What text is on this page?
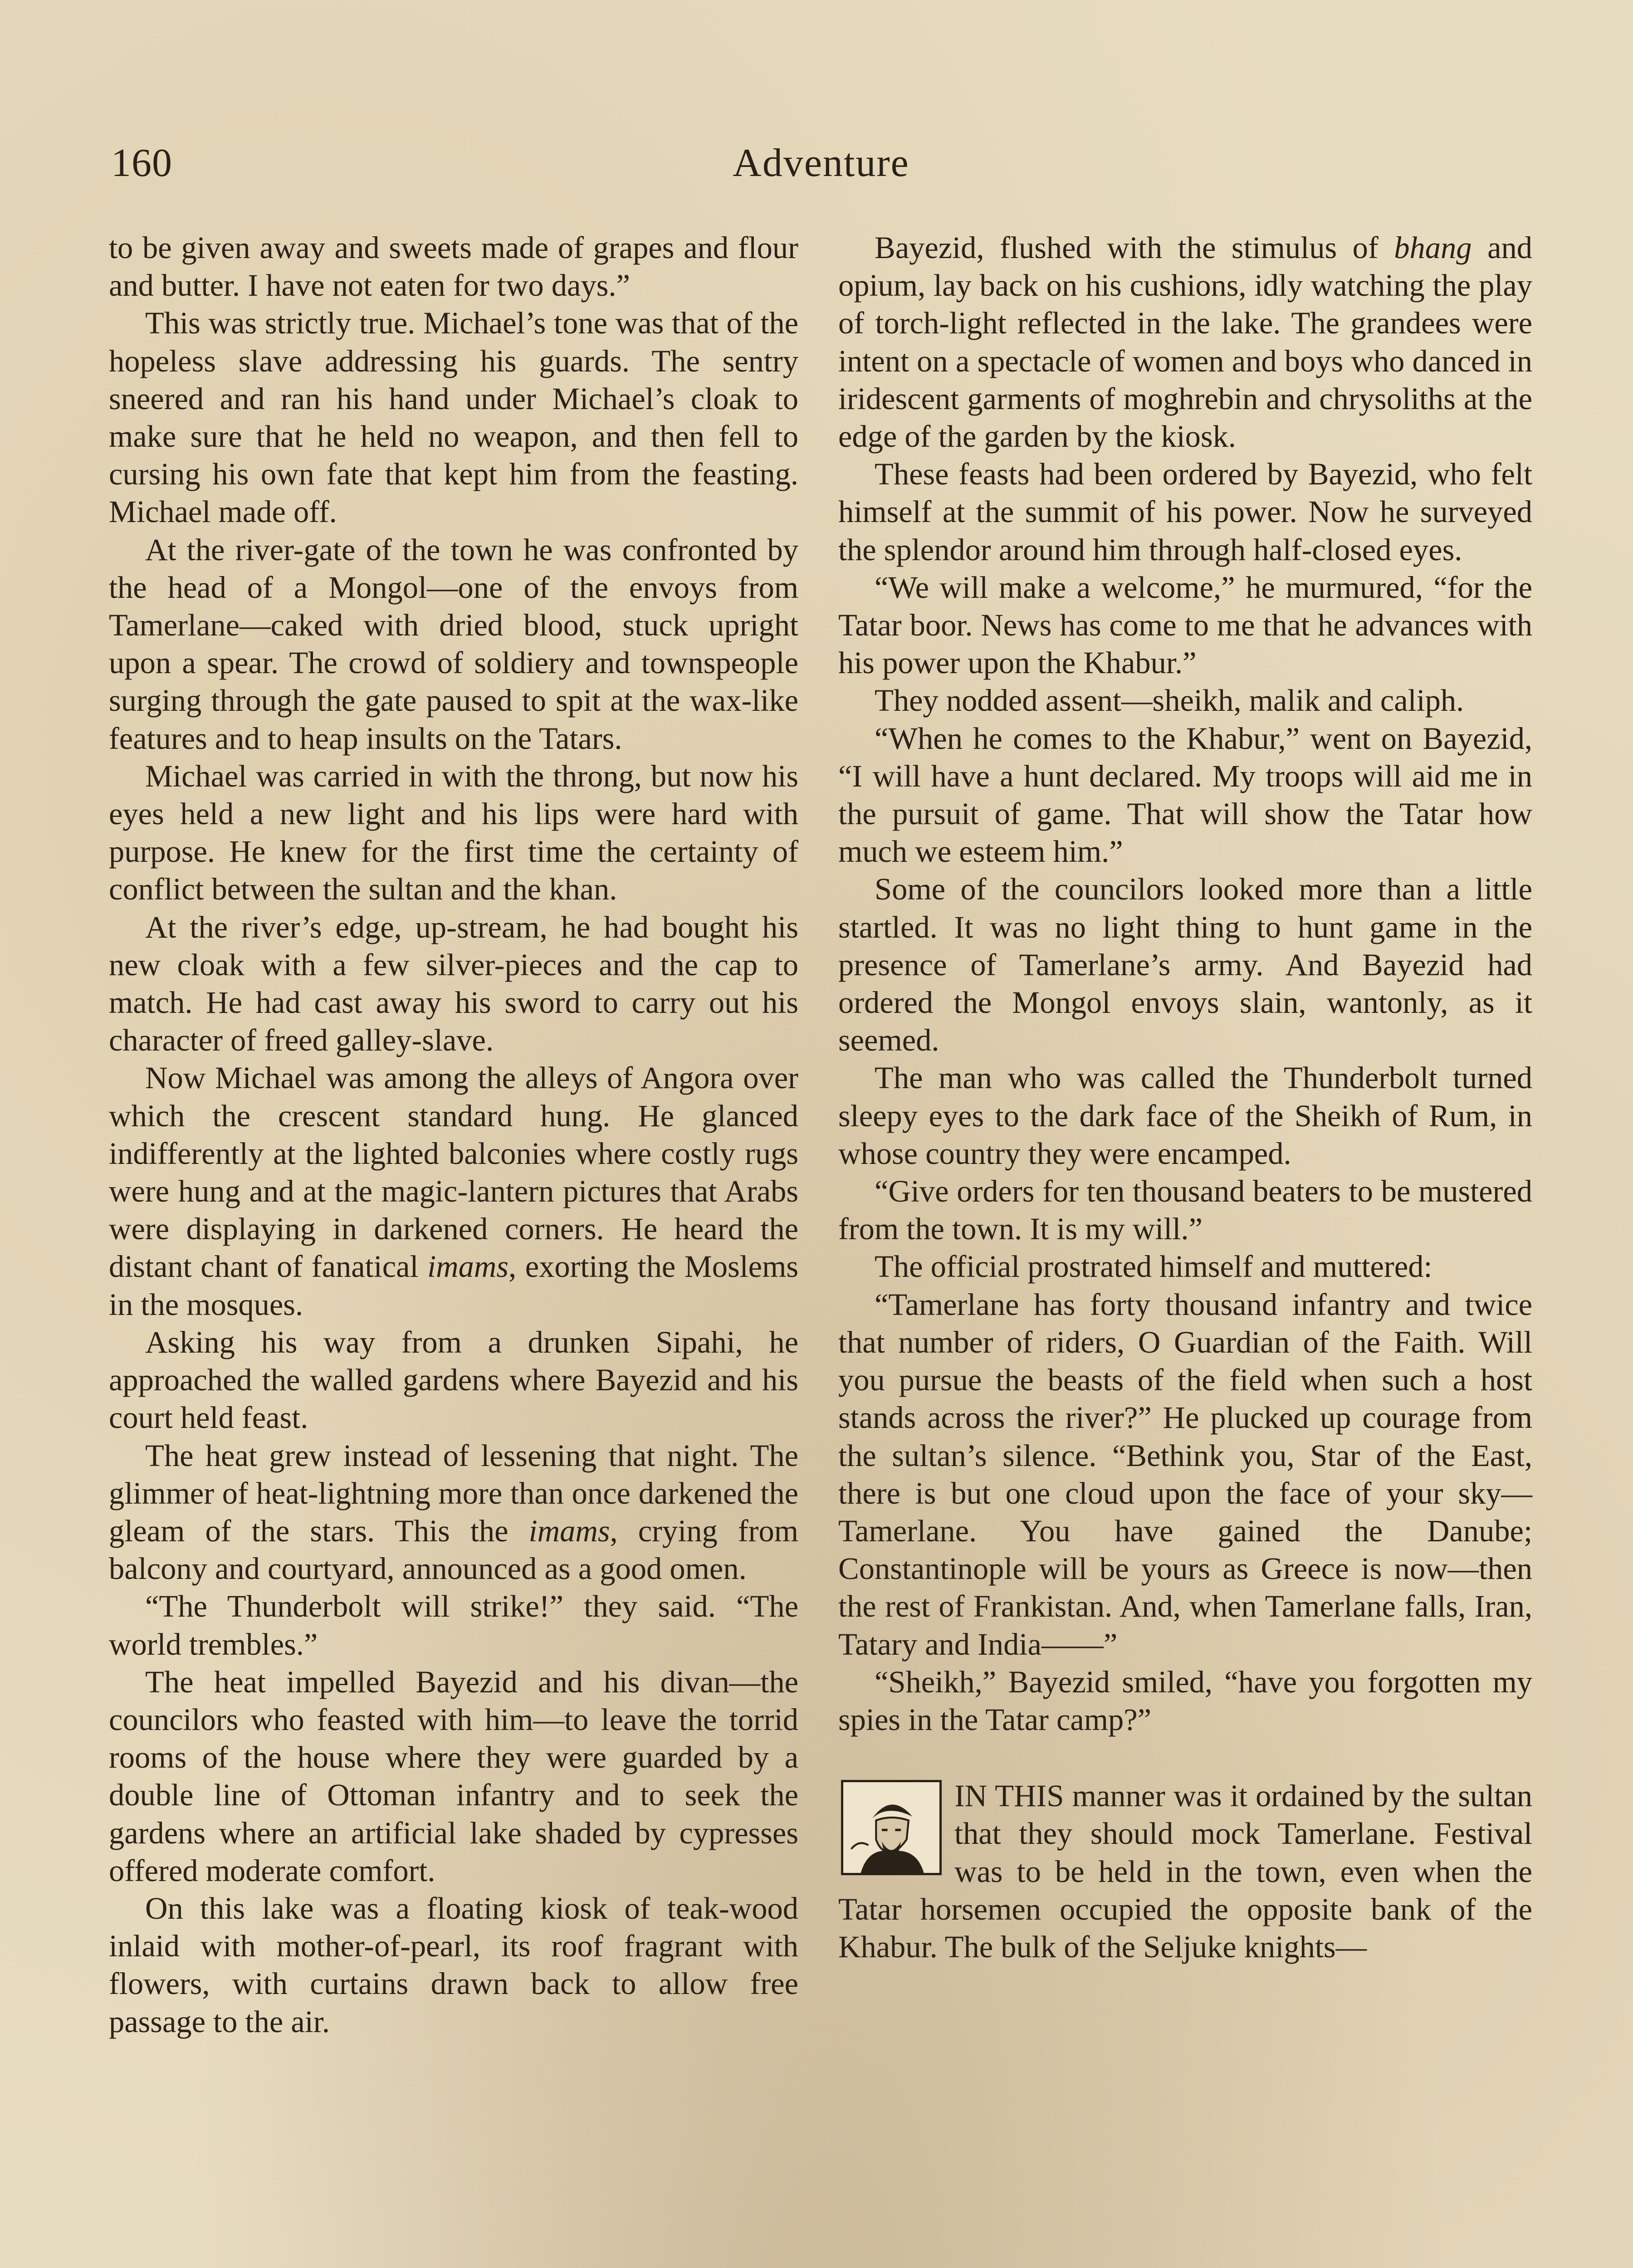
160	Adventure

to be given away and sweets made of grapes and flour and butter. I have not eaten for two days.”

This was strictly true. Michael’s tone was that of the hopeless slave addressing his guards. The sentry sneered and ran his hand under Michael’s cloak to make sure that he held no weapon, and then fell to cursing his own fate that kept him from the feasting. Michael made off.

At the river-gate of the town he was confronted by the head of a Mongol—one of the envoys from Tamerlane—caked with dried blood, stuck upright upon a spear. The crowd of soldiery and townspeople surging through the gate paused to spit at the wax-like features and to heap insults on the Tatars.

Michael was carried in with the throng, but now his eyes held a new light and his lips were hard with purpose. He knew for the first time the certainty of conflict between the sultan and the khan.

At the river’s edge, up-stream, he had bought his new cloak with a few silver-pieces and the cap to match. He had cast away his sword to carry out his character of freed galley-slave.

Now Michael was among the alleys of Angora over which the crescent standard hung. He glanced indifferently at the lighted balconies where costly rugs were hung and at the magic-lantern pictures that Arabs were displaying in darkened corners. He heard the distant chant of fanatical imams, exorting the Moslems in the mosques.

Asking his way from a drunken Sipahi, he approached the walled gardens where Bayezid and his court held feast.

The heat grew instead of lessening that night. The glimmer of heat-lightning more than once darkened the gleam of the stars. This the imams, crying from balcony and courtyard, announced as a good omen.

“The Thunderbolt will strike!” they said. “The world trembles.”

The heat impelled Bayezid and his divan—the councilors who feasted with him—to leave the torrid rooms of the house where they were guarded by a double line of Ottoman infantry and to seek the gardens where an artificial lake shaded by cypresses offered moderate comfort.

On this lake was a floating kiosk of teak-wood inlaid with mother-of-pearl, its roof fragrant with flowers, with curtains drawn back to allow free passage to the air.

Bayezid, flushed with the stimulus of bhang and opium, lay back on his cushions, idly watching the play of torch-light reflected in the lake. The grandees were intent on a spectacle of women and boys who danced in iridescent garments of moghrebin and chrysoliths at the edge of the garden by the kiosk.

These feasts had been ordered by Bayezid, who felt himself at the summit of his power. Now he surveyed the splendor around him through half-closed eyes.

“We will make a welcome,” he murmured, “for the Tatar boor. News has come to me that he advances with his power upon the Khabur.”

They nodded assent—sheikh, malik and caliph.

“When he comes to the Khabur,” went on Bayezid, “I will have a hunt declared. My troops will aid me in the pursuit of game. That will show the Tatar how much we esteem him.”

Some of the councilors looked more than a little startled. It was no light thing to hunt game in the presence of Tamerlane’s army. And Bayezid had ordered the Mongol envoys slain, wantonly, as it seemed.

The man who was called the Thunderbolt turned sleepy eyes to the dark face of the Sheikh of Rum, in whose country they were encamped.

“Give orders for ten thousand beaters to be mustered from the town. It is my will.”

The official prostrated himself and muttered:

“Tamerlane has forty thousand infantry and twice that number of riders, O Guardian of the Faith. Will you pursue the beasts of the field when such a host stands across the river?” He plucked up courage from the sultan’s silence. “Bethink you, Star of the East, there is but one cloud upon the face of your sky—Tamerlane. You have gained the Danube; Constantinople will be yours as Greece is now—then the rest of Frankistan. And, when Tamerlane falls, Iran, Tatary and India——”

“Sheikh,” Bayezid smiled, “have you forgotten my spies in the Tatar camp?”

IN THIS manner was it ordained by the sultan that they should mock Tamerlane. Festival was to be held in the town, even when the Tatar horsemen occupied the opposite bank of the Khabur. The bulk of the Seljuke knights—
